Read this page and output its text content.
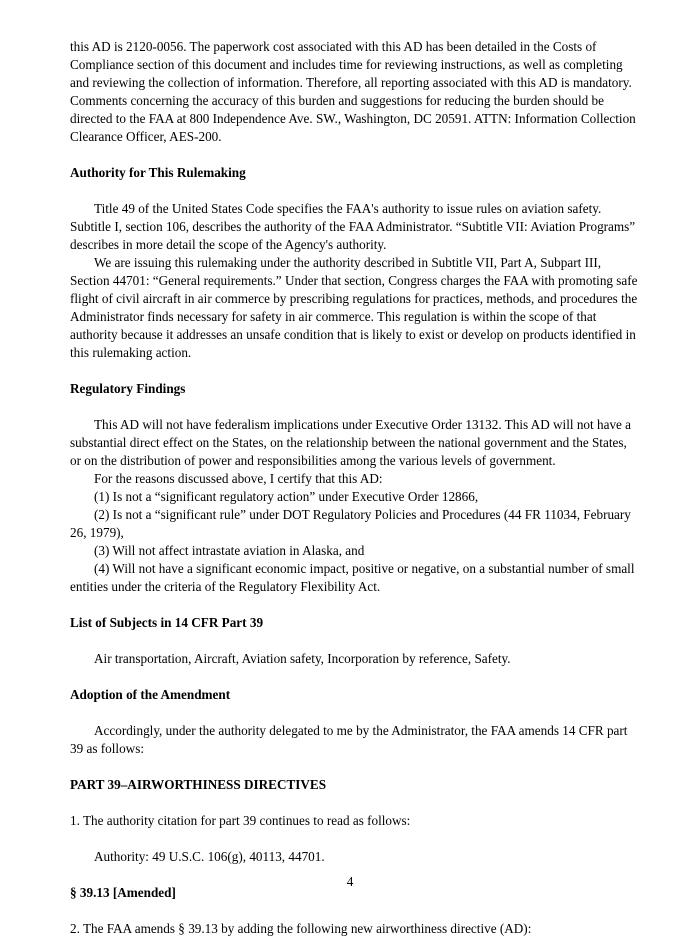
this AD is 2120-0056. The paperwork cost associated with this AD has been detailed in the Costs of Compliance section of this document and includes time for reviewing instructions, as well as completing and reviewing the collection of information. Therefore, all reporting associated with this AD is mandatory. Comments concerning the accuracy of this burden and suggestions for reducing the burden should be directed to the FAA at 800 Independence Ave. SW., Washington, DC 20591. ATTN: Information Collection Clearance Officer, AES-200.

Authority for This Rulemaking

Title 49 of the United States Code specifies the FAA's authority to issue rules on aviation safety. Subtitle I, section 106, describes the authority of the FAA Administrator. “Subtitle VII: Aviation Programs” describes in more detail the scope of the Agency's authority.

We are issuing this rulemaking under the authority described in Subtitle VII, Part A, Subpart III, Section 44701: “General requirements.” Under that section, Congress charges the FAA with promoting safe flight of civil aircraft in air commerce by prescribing regulations for practices, methods, and procedures the Administrator finds necessary for safety in air commerce. This regulation is within the scope of that authority because it addresses an unsafe condition that is likely to exist or develop on products identified in this rulemaking action.

Regulatory Findings

This AD will not have federalism implications under Executive Order 13132. This AD will not have a substantial direct effect on the States, on the relationship between the national government and the States, or on the distribution of power and responsibilities among the various levels of government.

For the reasons discussed above, I certify that this AD:

(1) Is not a “significant regulatory action” under Executive Order 12866,

(2) Is not a “significant rule” under DOT Regulatory Policies and Procedures (44 FR 11034, February 26, 1979),

(3) Will not affect intrastate aviation in Alaska, and

(4) Will not have a significant economic impact, positive or negative, on a substantial number of small entities under the criteria of the Regulatory Flexibility Act.

List of Subjects in 14 CFR Part 39

Air transportation, Aircraft, Aviation safety, Incorporation by reference, Safety.

Adoption of the Amendment

Accordingly, under the authority delegated to me by the Administrator, the FAA amends 14 CFR part 39 as follows:

PART 39–AIRWORTHINESS DIRECTIVES

1. The authority citation for part 39 continues to read as follows:

Authority: 49 U.S.C. 106(g), 40113, 44701.

§ 39.13 [Amended]

2. The FAA amends § 39.13 by adding the following new airworthiness directive (AD):

4
